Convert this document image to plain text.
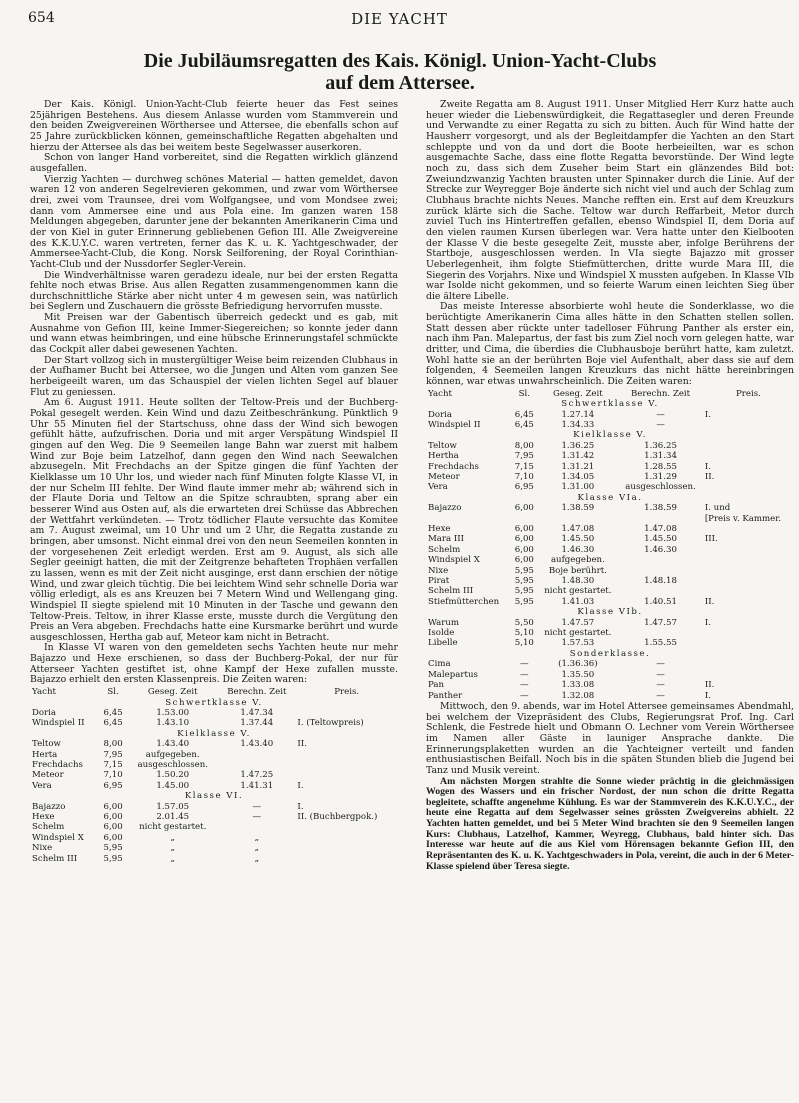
654	DIE YACHT
Die Jubiläumsregatten des Kais. Königl. Union-Yacht-Clubs
auf dem Attersee.

Der Kais. Königl. Union-Yacht-Club feierte heuer das Fest seines 25jährigen Bestehens. Aus diesem Anlasse wurden vom Stammverein und den beiden Zweigvereinen Wörthersee und Attersee, die ebenfalls schon auf 25 Jahre zurückblicken können, gemeinschaftliche Regatten abgehalten und hierzu der Attersee als das bei weitem beste Segelwasser auserkoren.

Schon von langer Hand vorbereitet, sind die Regatten wirklich glänzend ausgefallen.

Vierzig Yachten — durchweg schönes Material — hatten gemeldet, davon waren 12 von anderen Segelrevieren gekommen, und zwar vom Wörthersee drei, zwei vom Traunsee, drei vom Wolfgangsee, und vom Mondsee zwei; dann vom Ammersee eine und aus Pola eine. Im ganzen waren 158 Meldungen abgegeben, darunter jene der bekannten Amerikanerin Cima und der von Kiel in guter Erinnerung gebliebenen Gefion III. Alle Zweigvereine des K.K.U.Y.C. waren vertreten, ferner das K. u. K. Yachtgeschwader, der Ammersee-Yacht-Club, die Kong. Norsk Seilforening, der Royal Corinthian-Yacht-Club und der Nussdorfer Segler-Verein.

Die Windverhältnisse waren geradezu ideale, nur bei der ersten Regatta fehlte noch etwas Brise. Aus allen Regatten zusammengenommen kann die durchschnittliche Stärke aber nicht unter 4 m gewesen sein, was natürlich bei Seglern und Zuschauern die grösste Befriedigung hervorrufen musste.

Mit Preisen war der Gabentisch überreich gedeckt und es gab, mit Ausnahme von Gefion III, keine Immer-Siegereichen; so konnte jeder dann und wann etwas heimbringen, und eine hübsche Erinnerungstafel schmückte das Cockpit aller dabei gewesenen Yachten.

Der Start vollzog sich in mustergültiger Weise beim reizenden Clubhaus in der Aufhamer Bucht bei Attersee, wo die Jungen und Alten vom ganzen See herbeigeeilt waren, um das Schauspiel der vielen lichten Segel auf blauer Flut zu geniessen.

Am 6. August 1911. Heute sollten der Teltow-Preis und der Buchberg-Pokal gesegelt werden. Kein Wind und dazu Zeitbeschränkung. Pünktlich 9 Uhr 55 Minuten fiel der Startschuss, ohne dass der Wind sich bewogen gefühlt hätte, aufzufrischen. Doria und mit arger Verspätung Windspiel II gingen auf den Weg. Die 9 Seemeilen lange Bahn war zuerst mit halbem Wind zur Boje beim Latzelhof, dann gegen den Wind nach Seewalchen abzusegeln. Mit Frechdachs an der Spitze gingen die fünf Yachten der Kielklasse um 10 Uhr los, und wieder nach fünf Minuten folgte Klasse VI, in der nur Schelm III fehlte. Der Wind flaute immer mehr ab; während sich in der Flaute Doria und Teltow an die Spitze schraubten, sprang aber ein besserer Wind aus Osten auf, als die erwarteten drei Schüsse das Abbrechen der Wettfahrt verkündeten. — Trotz tödlicher Flaute versuchte das Komitee am 7. August zweimal, um 10 Uhr und um 2 Uhr, die Regatta zustande zu bringen, aber umsonst. Nicht einmal drei von den neun Seemeilen konnten in der vorgesehenen Zeit erledigt werden. Erst am 9. August, als sich alle Segler geeinigt hatten, die mit der Zeitgrenze behafteten Trophäen verfallen zu lassen, wenn es mit der Zeit nicht ausginge, erst dann erschien der nötige Wind, und zwar gleich tüchtig. Die bei leichtem Wind sehr schnelle Doria war völlig erledigt, als es ans Kreuzen bei 7 Metern Wind und Wellengang ging. Windspiel II siegte spielend mit 10 Minuten in der Tasche und gewann den Teltow-Preis. Teltow, in ihrer Klasse erste, musste durch die Vergütung den Preis an Vera abgeben. Frechdachs hatte eine Kursmarke berührt und wurde ausgeschlossen, Hertha gab auf, Meteor kam nicht in Betracht.

In Klasse VI waren von den gemeldeten sechs Yachten heute nur mehr Bajazzo und Hexe erschienen, so dass der Buchberg-Pokal, der nur für Atterseer Yachten gestiftet ist, ohne Kampf der Hexe zufallen musste. Bajazzo erhielt den ersten Klassenpreis. Die Zeiten waren:

Yacht	Sl.	Geseg. Zeit	Berechn. Zeit	Preis.
Schwertklasse V.				
Doria	6,45	1.53.00	1.47.34	
Windspiel II	6,45	1.43.10	1.37.44	I. (Teltowpreis)
Kielklasse V.				
Teltow	8,00	1.43.40	1.43.40	II.
Herta	7,95	aufgegeben.		
Frechdachs	7,15	ausgeschlossen.		
Meteor	7,10	1.50.20	1.47.25	
Vera	6,95	1.45.00	1.41.31	I.
Klasse VI.				
Bajazzo	6,00	1.57.05	—	I.
Hexe	6,00	2.01.45	—	II. (Buchbergpok.)
Schelm	6,00	nicht gestartet.		
Windspiel X	6,00	„	„	
Nixe	5,95	„	„	
Schelm III	5,95	„	„	

Zweite Regatta am 8. August 1911. Unser Mitglied Herr Kurz hatte auch heuer wieder die Liebenswürdigkeit, die Regattasegler und deren Freunde und Verwandte zu einer Regatta zu sich zu bitten. Auch für Wind hatte der Hausherr vorgesorgt, und als der Begleitdampfer die Yachten an den Start schleppte und von da und dort die Boote herbeieilten, war es schon ausgemachte Sache, dass eine flotte Regatta bevorstünde. Der Wind legte noch zu, dass sich dem Zuseher beim Start ein glänzendes Bild bot: Zweiundzwanzig Yachten brausten unter Spinnaker durch die Linie. Auf der Strecke zur Weyregger Boje änderte sich nicht viel und auch der Schlag zum Clubhaus brachte nichts Neues. Manche refften ein. Erst auf dem Kreuzkurs zurück klärte sich die Sache. Teltow war durch Reffarbeit, Metor durch zuviel Tuch ins Hintertreffen gefallen, ebenso Windspiel II, dem Doria auf den vielen raumen Kursen überlegen war. Vera hatte unter den Kielbooten der Klasse V die beste gesegelte Zeit, musste aber, infolge Berührens der Startboje, ausgeschlossen werden. In VIa siegte Bajazzo mit grosser Ueberlegenheit, ihm folgte Stiefmütterchen, dritte wurde Mara III, die Siegerin des Vorjahrs. Nixe und Windspiel X mussten aufgeben. In Klasse VIb war Isolde nicht gekommen, und so feierte Warum einen leichten Sieg über die ältere Libelle.

Das meiste Interesse absorbierte wohl heute die Sonderklasse, wo die berüchtigte Amerikanerin Cima alles hätte in den Schatten stellen sollen. Statt dessen aber rückte unter tadelloser Führung Panther als erster ein, nach ihm Pan. Malepartus, der fast bis zum Ziel noch vorn gelegen hatte, war dritter, und Cima, die überdies die Clubhausboje berührt hatte, kam zuletzt. Wohl hatte sie an der berührten Boje viel Aufenthalt, aber dass sie auf dem folgenden, 4 Seemeilen langen Kreuzkurs das nicht hätte hereinbringen können, war etwas unwahrscheinlich. Die Zeiten waren:

Yacht	Sl.	Geseg. Zeit	Berechn. Zeit	Preis.
Schwertklasse V.				
Doria	6,45	1.27.14	—	I.
Windspiel II	6,45	1.34.33	—	
Kielklasse V.				
Teltow	8,00	1.36.25	1.36.25	
Hertha	7,95	1.31.42	1.31.34	
Frechdachs	7,15	1.31.21	1.28.55	I.
Meteor	7,10	1.34.05	1.31.29	II.
Vera	6,95	1.31.00	ausgeschlossen.	
Klasse VIa.				
Bajazzo	6,00	1.38.59	1.38.59	I. und
				[Preis v. Kammer.
Hexe	6,00	1.47.08	1.47.08	
Mara III	6,00	1.45.50	1.45.50	III.
Schelm	6,00	1.46.30	1.46.30	
Windspiel X	6,00	aufgegeben.		
Nixe	5,95	Boje berührt.		
Pirat	5,95	1.48.30	1.48.18	
Schelm III	5,95	nicht gestartet.		
Stiefmütterchen	5,95	1.41.03	1.40.51	II.
Klasse VIb.				
Warum	5,50	1.47.57	1.47.57	I.
Isolde	5,10	nicht gestartet.		
Libelle	5,10	1.57.53	1.55.55	
Sonderklasse.				
Cima	—	(1.36.36)	—	
Malepartus	—	1.35.50	—	
Pan	—	1.33.08	—	II.
Panther	—	1.32.08	—	I.

Mittwoch, den 9. abends, war im Hotel Attersee gemeinsames Abendmahl, bei welchem der Vizepräsident des Clubs, Regierungsrat Prof. Ing. Carl Schlenk, die Festrede hielt und Obmann O. Lechner vom Verein Wörthersee im Namen aller Gäste in launiger Ansprache dankte. Die Erinnerungsplaketten wurden an die Yachteigner verteilt und fanden enthusiastischen Beifall. Noch bis in die späten Stunden blieb die Jugend bei Tanz und Musik vereint.

Am nächsten Morgen strahlte die Sonne wieder prächtig in die gleichmässigen Wogen des Wassers und ein frischer Nordost, der nun schon die dritte Regatta begleitete, schaffte angenehme Kühlung. Es war der Stammverein des K.K.U.Y.C., der heute eine Regatta auf dem Segelwasser seines grössten Zweigvereins abhielt. 22 Yachten hatten gemeldet, und bei 5 Meter Wind brachten sie den 9 Seemeilen langen Kurs: Clubhaus, Latzelhof, Kammer, Weyregg, Clubhaus, bald hinter sich. Das Interesse war heute auf die aus Kiel vom Hörensagen bekannte Gefion III, den Repräsentanten des K. u. K. Yachtgeschwaders in Pola, vereint, die auch in der 6 Meter-Klasse spielend über Teresa siegte.
